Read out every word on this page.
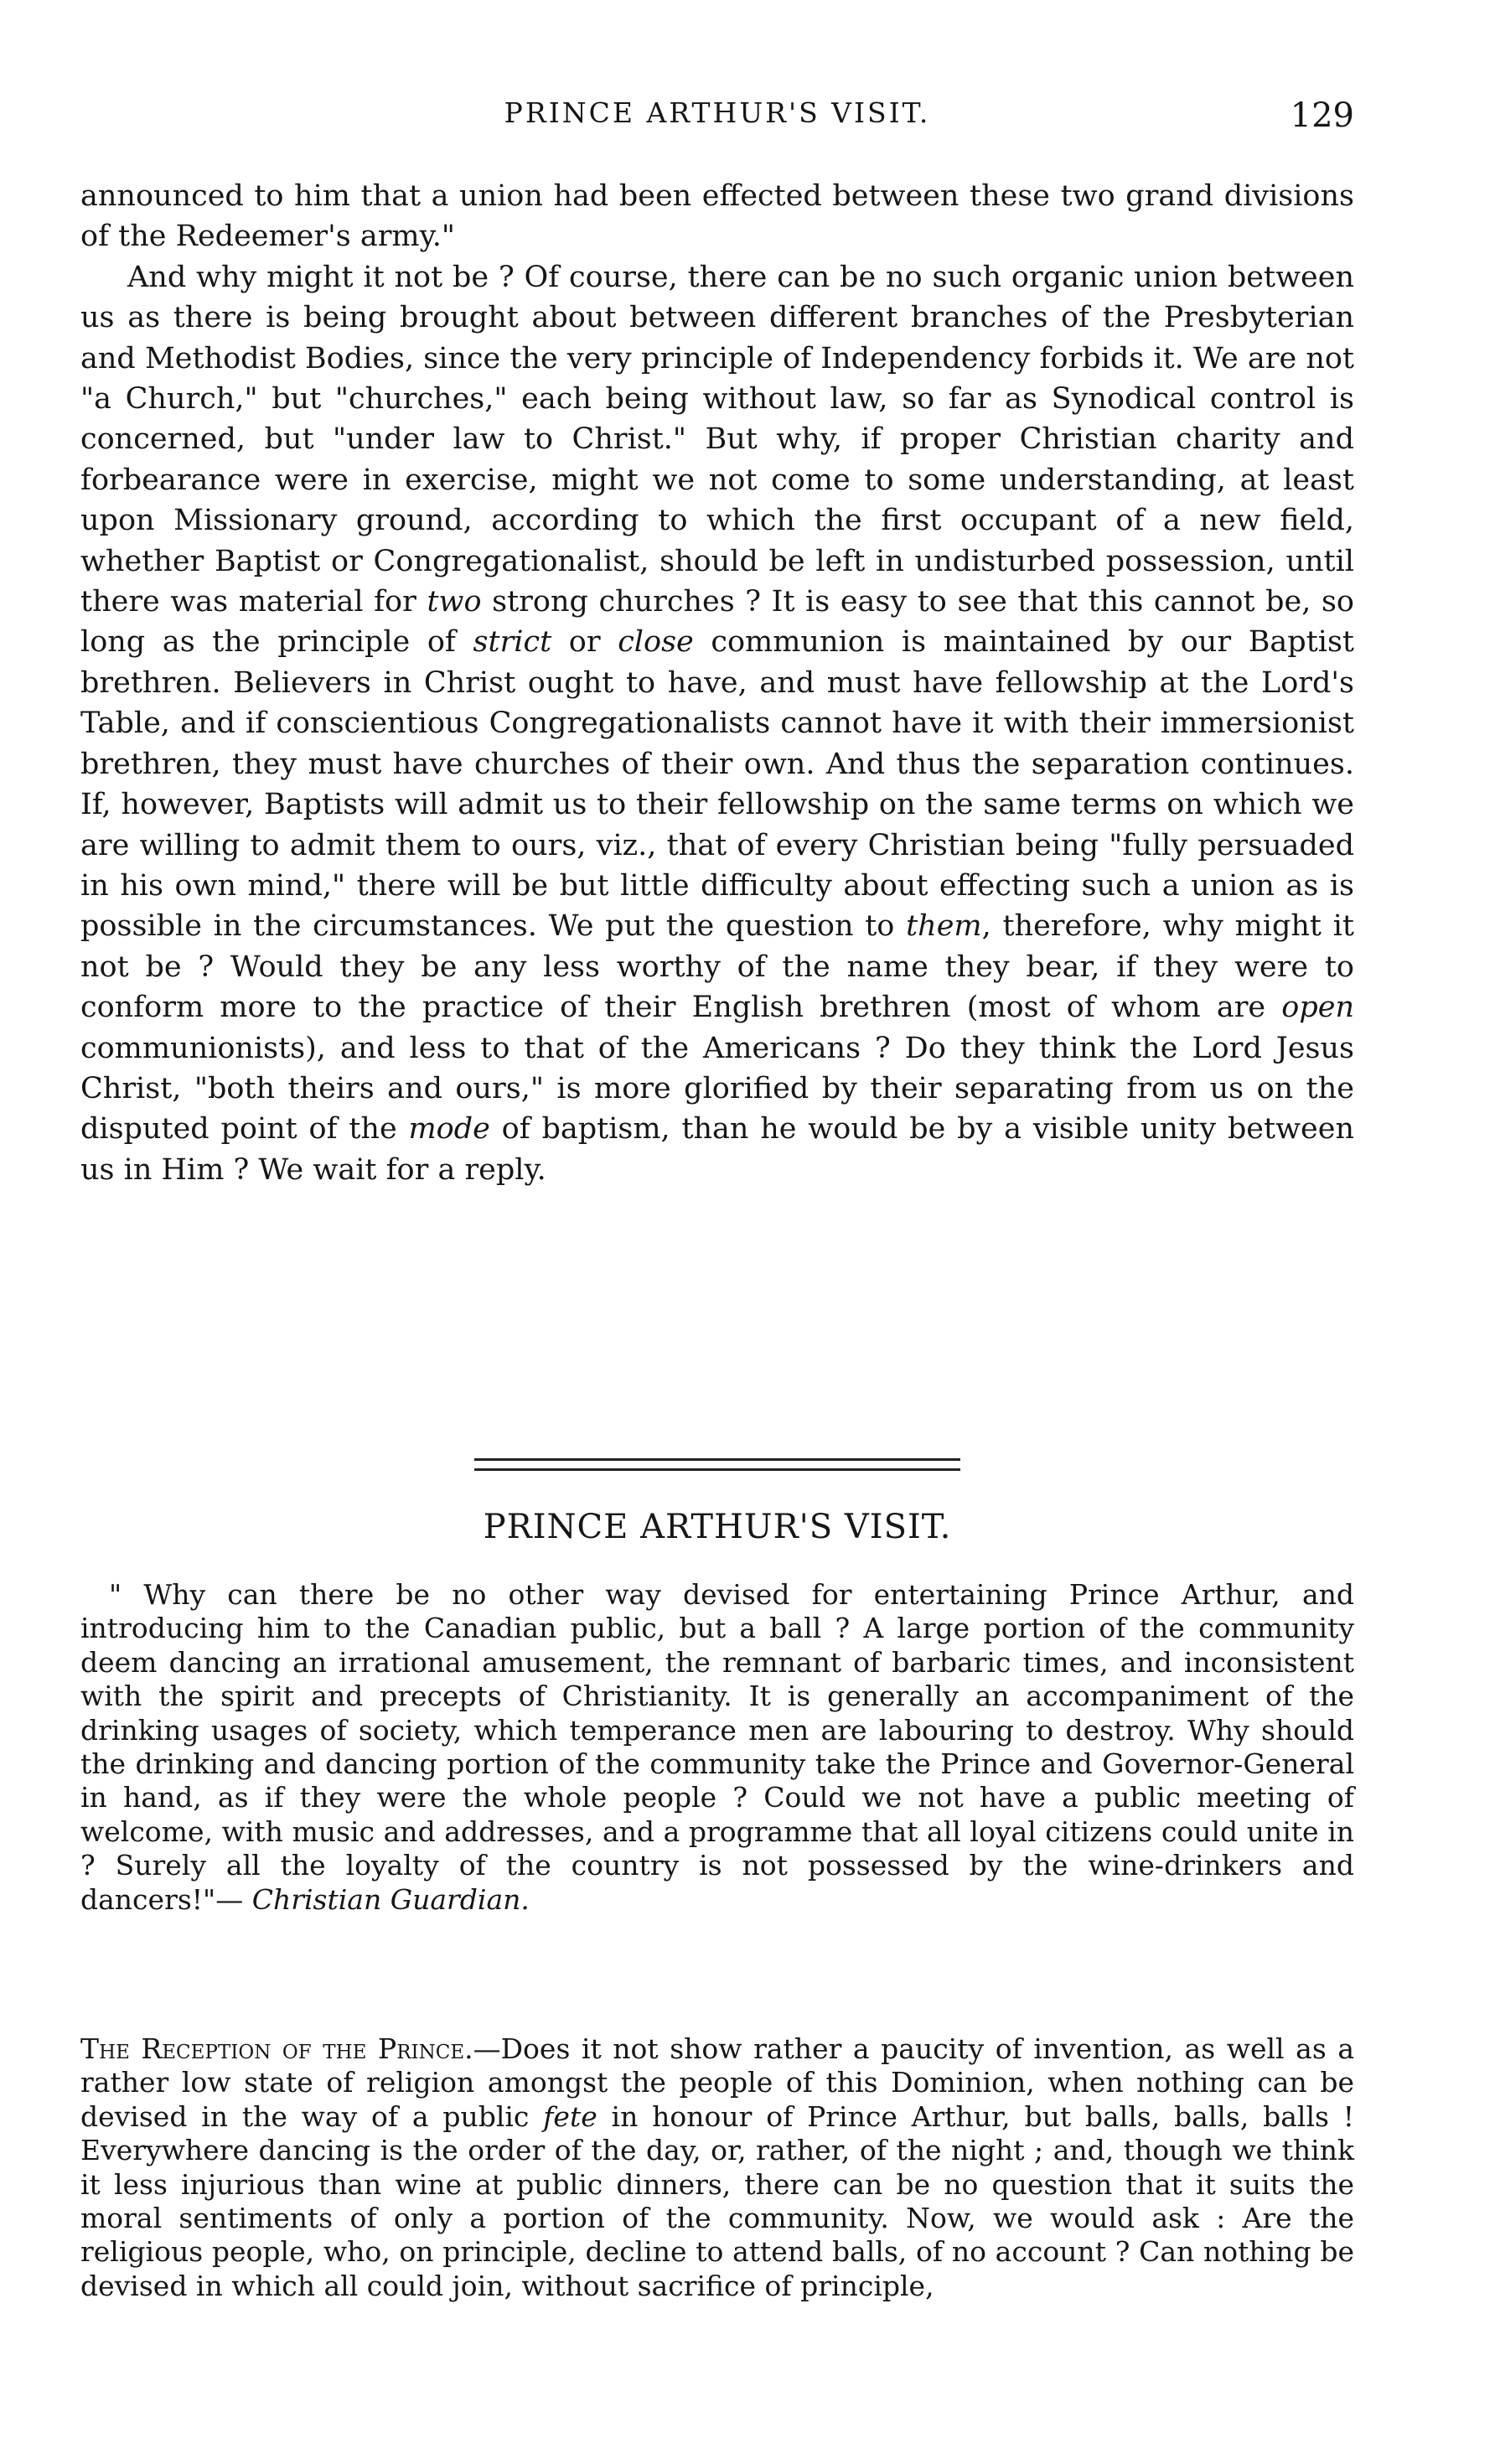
PRINCE ARTHUR'S VISIT.	129

announced to him that a union had been effected between these two grand divisions of the Redeemer's army."

And why might it not be ? Of course, there can be no such organic union between us as there is being brought about between different branches of the Presbyterian and Methodist Bodies, since the very principle of Independency forbids it. We are not "a Church," but "churches," each being without law, so far as Synodical control is concerned, but "under law to Christ." But why, if proper Christian charity and forbearance were in exercise, might we not come to some understanding, at least upon Missionary ground, according to which the first occupant of a new field, whether Baptist or Congregationalist, should be left in undisturbed possession, until there was material for two strong churches ? It is easy to see that this cannot be, so long as the principle of strict or close communion is maintained by our Baptist brethren. Believers in Christ ought to have, and must have fellowship at the Lord's Table, and if conscientious Congregationalists cannot have it with their immersionist brethren, they must have churches of their own. And thus the separation continues. If, however, Baptists will admit us to their fellowship on the same terms on which we are willing to admit them to ours, viz., that of every Christian being "fully persuaded in his own mind," there will be but little difficulty about effecting such a union as is possible in the circumstances. We put the question to them, therefore, why might it not be ? Would they be any less worthy of the name they bear, if they were to conform more to the practice of their English brethren (most of whom are open communionists), and less to that of the Americans ? Do they think the Lord Jesus Christ, "both theirs and ours," is more glorified by their separating from us on the disputed point of the mode of baptism, than he would be by a visible unity between us in Him ? We wait for a reply.

PRINCE ARTHUR'S VISIT.

" Why can there be no other way devised for entertaining Prince Arthur, and introducing him to the Canadian public, but a ball ? A large portion of the community deem dancing an irrational amusement, the remnant of barbaric times, and inconsistent with the spirit and precepts of Christianity. It is generally an accompaniment of the drinking usages of society, which temperance men are labouring to destroy. Why should the drinking and dancing portion of the community take the Prince and Governor-General in hand, as if they were the whole people ? Could we not have a public meeting of welcome, with music and addresses, and a programme that all loyal citizens could unite in ? Surely all the loyalty of the country is not possessed by the wine-drinkers and dancers!"— Christian Guardian.

The Reception of the Prince.—Does it not show rather a paucity of invention, as well as a rather low state of religion amongst the people of this Dominion, when nothing can be devised in the way of a public fete in honour of Prince Arthur, but balls, balls, balls ! Everywhere dancing is the order of the day, or, rather, of the night ; and, though we think it less injurious than wine at public dinners, there can be no question that it suits the moral sentiments of only a portion of the community. Now, we would ask : Are the religious people, who, on principle, decline to attend balls, of no account ? Can nothing be devised in which all could join, without sacrifice of principle,
